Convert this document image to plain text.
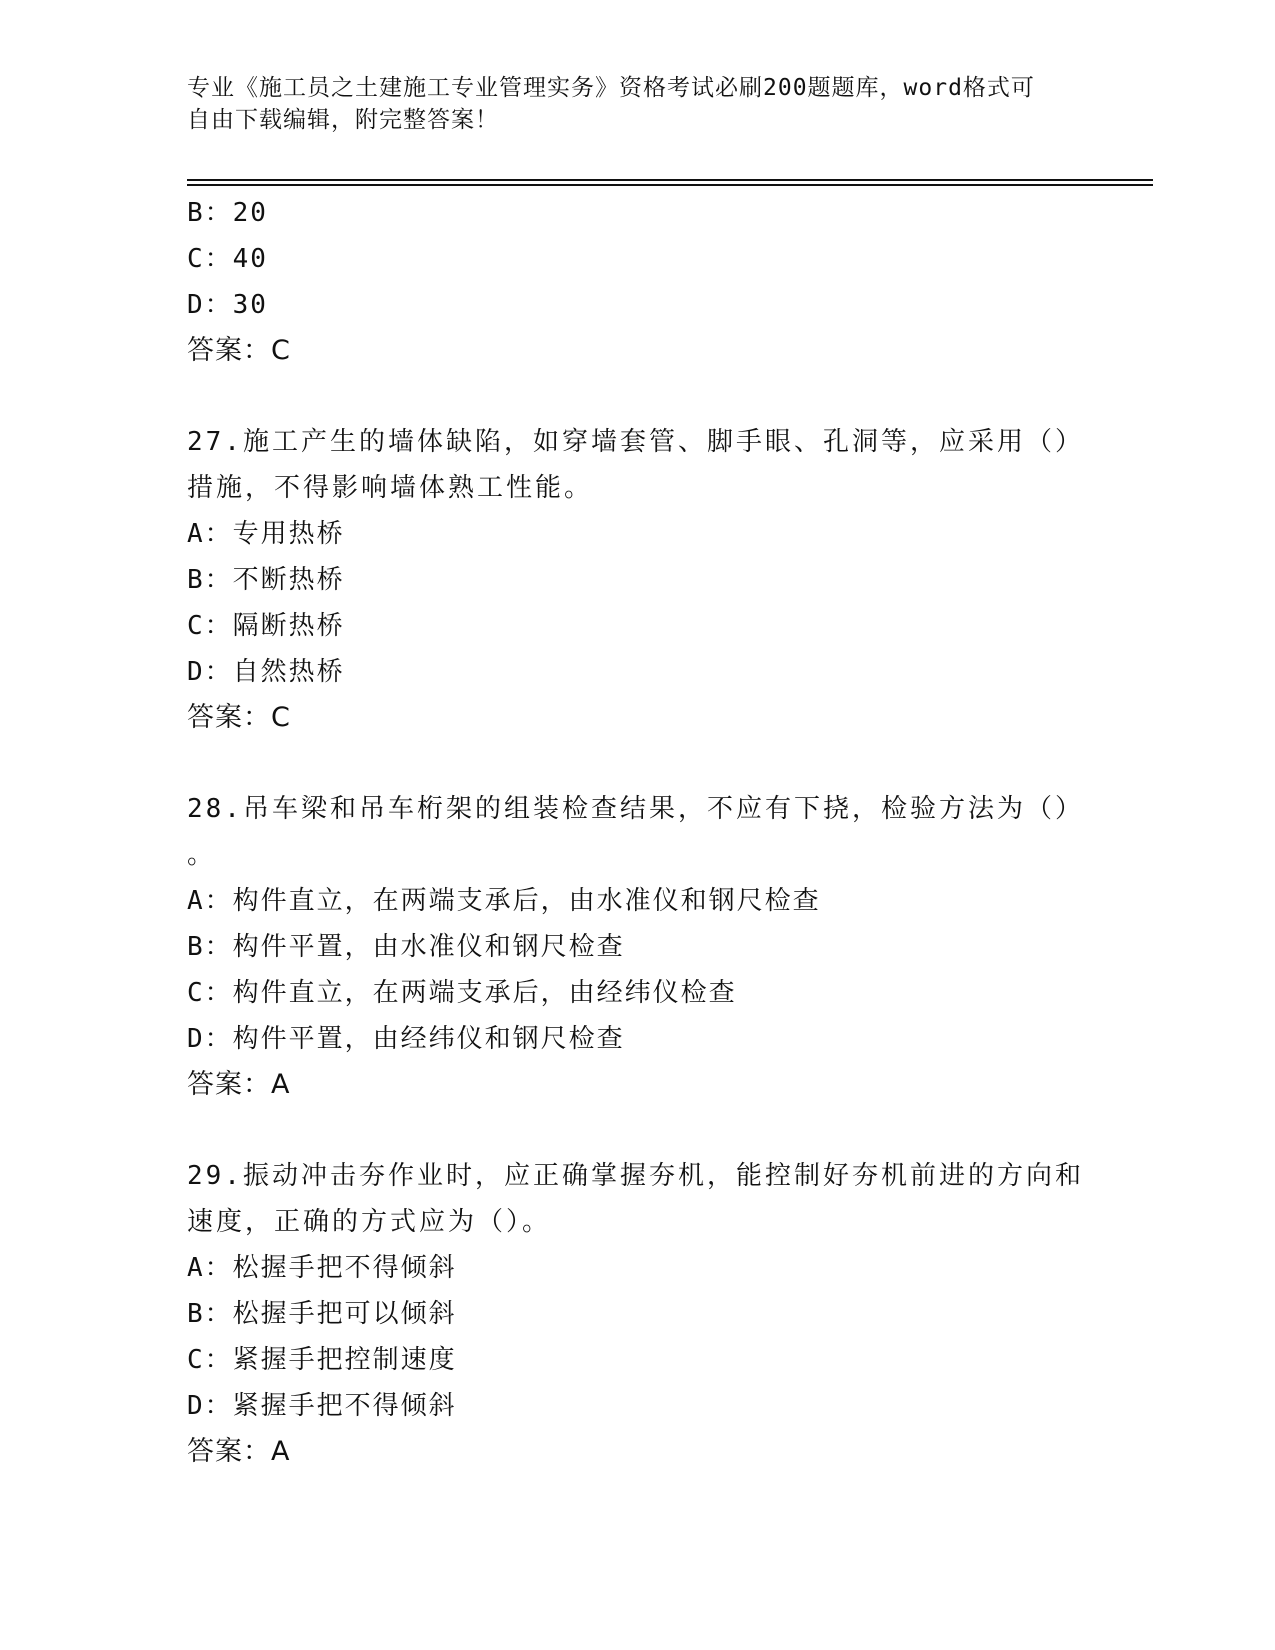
专业《施工员之土建施工专业管理实务》资格考试必刷200题题库，word格式可
自由下载编辑，附完整答案！
B：20
C：40
D：30
答案：C
27.施工产生的墙体缺陷，如穿墙套管、脚手眼、孔洞等，应采用（）
措施，不得影响墙体熟工性能。
A：专用热桥
B：不断热桥
C：隔断热桥
D：自然热桥
答案：C
28.吊车梁和吊车桁架的组装检查结果，不应有下挠，检验方法为（）
。
A：构件直立，在两端支承后，由水准仪和钢尺检查
B：构件平置，由水准仪和钢尺检查
C：构件直立，在两端支承后，由经纬仪检查
D：构件平置，由经纬仪和钢尺检查
答案：A
29.振动冲击夯作业时，应正确掌握夯机，能控制好夯机前进的方向和
速度，正确的方式应为（）。
A：松握手把不得倾斜
B：松握手把可以倾斜
C：紧握手把控制速度
D：紧握手把不得倾斜
答案：A
